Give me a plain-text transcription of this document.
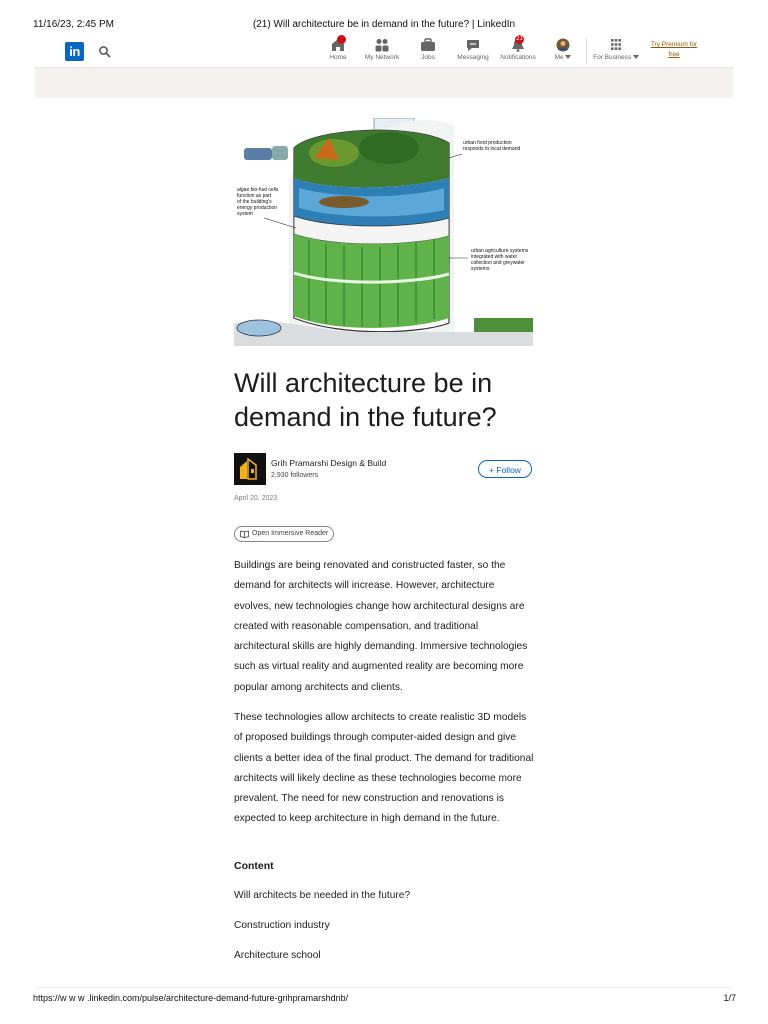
11/16/23, 2:45 PM	(21) Will architecture be in demand in the future? | LinkedIn
in	Home	My Network	Jobs	Messaging
21
Notifications	Me	For Business
Try Premium for free
urban food production responds to local demand
algae bio-fuel cells function as part of the building's energy production system
urban agriculture systems integrated with water collection and greywater systems
Will architecture be in demand in the future?
Grih Pramarshi Design & Build
2,930 followers
+ Follow
April 20, 2023
Open Immersive Reader

Buildings are being renovated and constructed faster, so the demand for architects will increase. However, architecture evolves, new technologies change how architectural designs are created with reasonable compensation, and traditional architectural skills are highly demanding. Immersive technologies such as virtual reality and augmented reality are becoming more popular among architects and clients.

These technologies allow architects to create realistic 3D models of proposed buildings through computer-aided design and give clients a better idea of the final product. The demand for traditional architects will likely decline as these technologies become more prevalent. The need for new construction and renovations is expected to keep architecture in high demand in the future.

Content
Will architects be needed in the future?
Construction industry
Architecture school
https://w w w .linkedin.com/pulse/architecture-demand-future-grihpramarshdnb/	1/7
